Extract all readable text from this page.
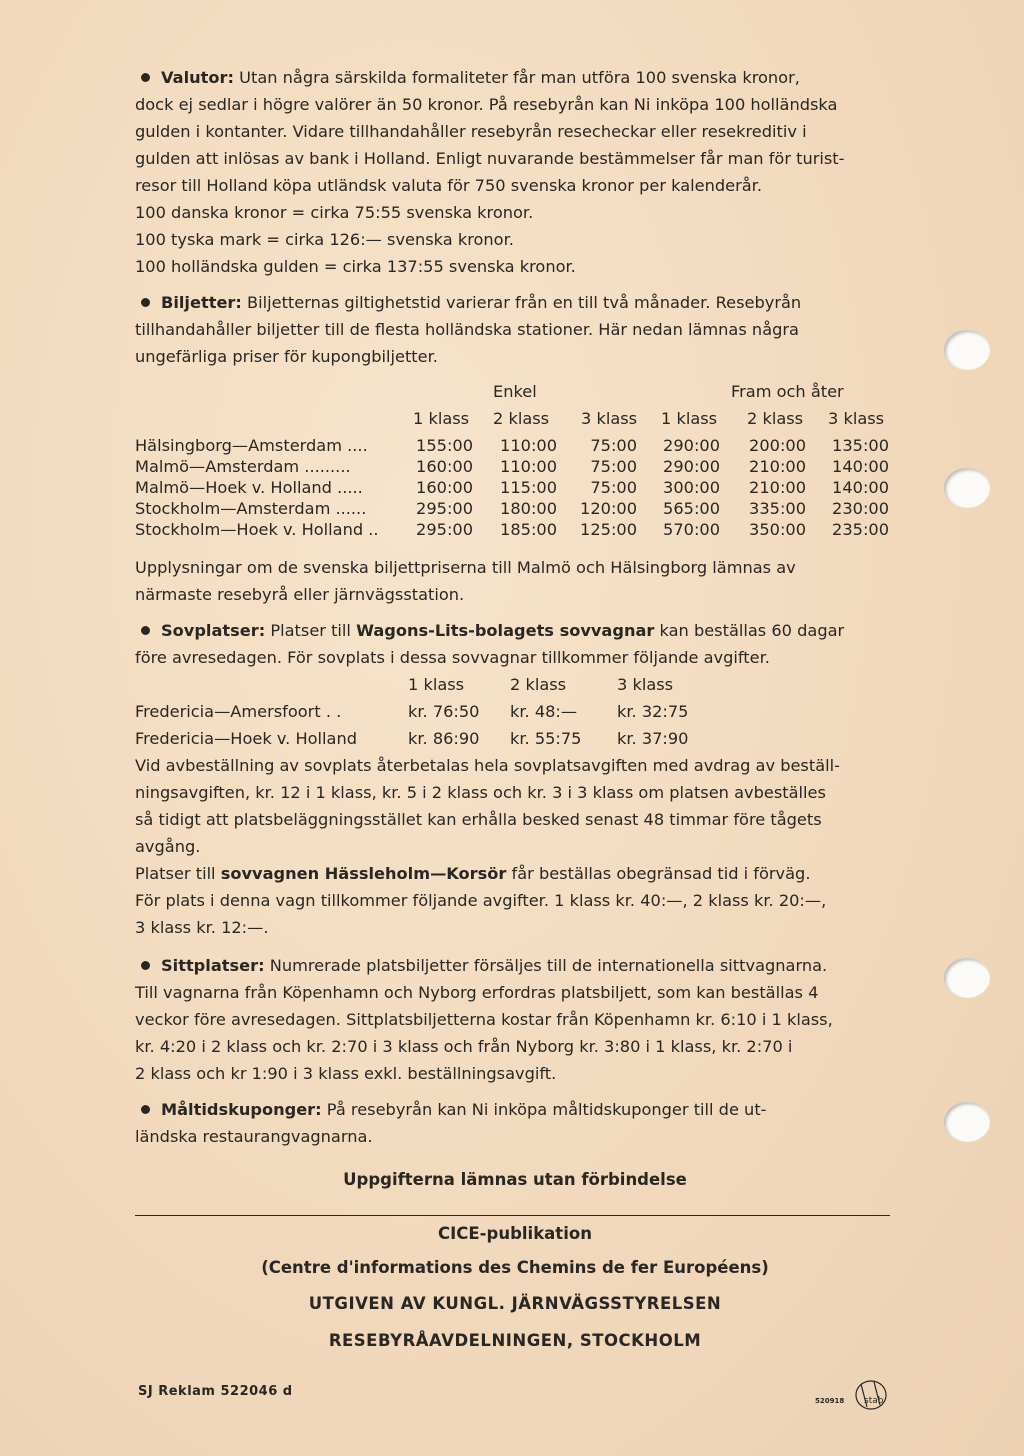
Valutor: Utan några särskilda formaliteter får man utföra 100 svenska kronor,

dock ej sedlar i högre valörer än 50 kronor. På resebyrån kan Ni inköpa 100 holländska

gulden i kontanter. Vidare tillhandahåller resebyrån resecheckar eller resekreditiv i

gulden att inlösas av bank i Holland. Enligt nuvarande bestämmelser får man för turist-

resor till Holland köpa utländsk valuta för 750 svenska kronor per kalenderår.

100 danska kronor = cirka 75:55 svenska kronor.

100 tyska mark = cirka 126:— svenska kronor.

100 holländska gulden = cirka 137:55 svenska kronor.

Biljetter: Biljetternas giltighetstid varierar från en till två månader. Resebyrån

tillhandahåller biljetter till de flesta holländska stationer. Här nedan lämnas några

ungefärliga priser för kupongbiljetter.

Enkel	Fram och åter
1 klass 2 klass 3 klass 1 klass 2 klass 3 klass
Hälsingborg—Amsterdam ....	155:00 110:00 75:00 290:00 200:00 135:00
Malmö—Amsterdam .........	160:00 110:00 75:00 290:00 210:00 140:00
Malmö—Hoek v. Holland .....	160:00 115:00 75:00 300:00 210:00 140:00
Stockholm—Amsterdam ......	295:00 180:00 120:00 565:00 335:00 230:00
Stockholm—Hoek v. Holland .. 295:00 185:00 125:00 570:00 350:00 235:00

Upplysningar om de svenska biljettpriserna till Malmö och Hälsingborg lämnas av

närmaste resebyrå eller järnvägsstation.

Sovplatser: Platser till Wagons-Lits-bolagets sovvagnar kan beställas 60 dagar

före avresedagen. För sovplats i dessa sovvagnar tillkommer följande avgifter.

1 klass	2 klass	3 klass
Fredericia—Amersfoort . .	kr. 76:50 kr. 48:— kr. 32:75
Fredericia—Hoek v. Holland	kr. 86:90 kr. 55:75 kr. 37:90

Vid avbeställning av sovplats återbetalas hela sovplatsavgiften med avdrag av beställ-

ningsavgiften, kr. 12 i 1 klass, kr. 5 i 2 klass och kr. 3 i 3 klass om platsen avbeställes

så tidigt att platsbeläggningsstället kan erhålla besked senast 48 timmar före tågets

avgång.

Platser till sovvagnen Hässleholm—Korsör får beställas obegränsad tid i förväg.

För plats i denna vagn tillkommer följande avgifter. 1 klass kr. 40:—, 2 klass kr. 20:—,

3 klass kr. 12:—.

Sittplatser: Numrerade platsbiljetter försäljes till de internationella sittvagnarna.

Till vagnarna från Köpenhamn och Nyborg erfordras platsbiljett, som kan beställas 4

veckor före avresedagen. Sittplatsbiljetterna kostar från Köpenhamn kr. 6:10 i 1 klass,

kr. 4:20 i 2 klass och kr. 2:70 i 3 klass och från Nyborg kr. 3:80 i 1 klass, kr. 2:70 i

2 klass och kr 1:90 i 3 klass exkl. beställningsavgift.

Måltidskuponger: På resebyrån kan Ni inköpa måltidskuponger till de ut-

ländska restaurangvagnarna.

Uppgifterna lämnas utan förbindelse
CICE-publikation
(Centre d'informations des Chemins de fer Européens)
UTGIVEN AV KUNGL. JÄRNVÄGSSTYRELSEN
RESEBYRÅAVDELNINGEN, STOCKHOLM
SJ Reklam 522046 d
520918 stab
